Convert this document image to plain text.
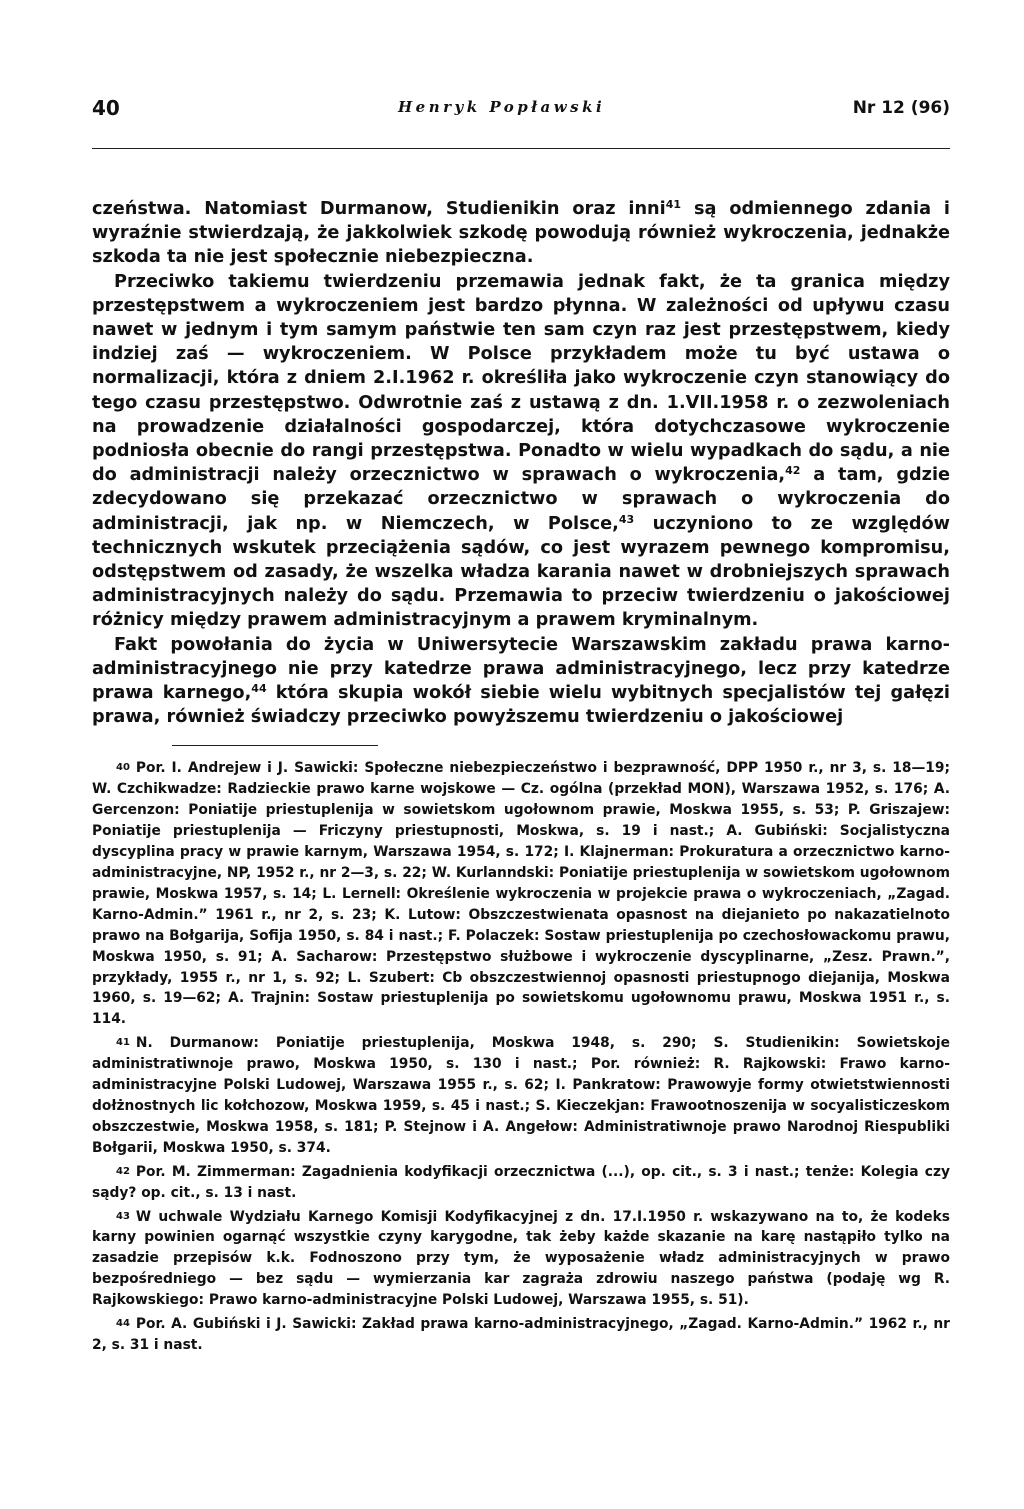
40	Henryk Popławski	Nr 12 (96)

czeństwa. Natomiast Durmanow, Studienikin oraz inni$^{41}$ są odmiennego zdania i wyraźnie stwierdzają, że jakkolwiek szkodę powodują również wykroczenia, jednakże szkoda ta nie jest społecznie niebezpieczna.

Przeciwko takiemu twierdzeniu przemawia jednak fakt, że ta granica między przestępstwem a wykroczeniem jest bardzo płynna. W zależności od upływu czasu nawet w jednym i tym samym państwie ten sam czyn raz jest przestępstwem, kiedy indziej zaś — wykroczeniem. W Polsce przykładem może tu być ustawa o normalizacji, która z dniem 2.I.1962 r. określiła jako wykroczenie czyn stanowiący do tego czasu przestępstwo. Odwrotnie zaś z ustawą z dn. 1.VII.1958 r. o zezwoleniach na prowadzenie działalności gospodarczej, która dotychczasowe wykroczenie podniosła obecnie do rangi przestępstwa. Ponadto w wielu wypadkach do sądu, a nie do administracji należy orzecznictwo w sprawach o wykroczenia,$^{42}$ a tam, gdzie zdecydowano się przekazać orzecznictwo w sprawach o wykroczenia do administracji, jak np. w Niemczech, w Polsce,$^{43}$ uczyniono to ze względów technicznych wskutek przeciążenia sądów, co jest wyrazem pewnego kompromisu, odstępstwem od zasady, że wszelka władza karania nawet w drobniejszych sprawach administracyjnych należy do sądu. Przemawia to przeciw twierdzeniu o jakościowej różnicy między prawem administracyjnym a prawem kryminalnym.

Fakt powołania do życia w Uniwersytecie Warszawskim zakładu prawa karno-administracyjnego nie przy katedrze prawa administracyjnego, lecz przy katedrze prawa karnego,$^{44}$ która skupia wokół siebie wielu wybitnych specjalistów tej gałęzi prawa, również świadczy przeciwko powyższemu twierdzeniu o jakościowej

40 Por. I. Andrejew i J. Sawicki: Społeczne niebezpieczeństwo i bezprawność, DPP 1950 r., nr 3, s. 18—19; W. Czchikwadze: Radzieckie prawo karne wojskowe — Cz. ogólna (przekład MON), Warszawa 1952, s. 176; A. Gercenzon: Poniatije priestuplenija w sowietskom ugołownom prawie, Moskwa 1955, s. 53; P. Griszajew: Poniatije priestuplenija — Friczyny priestupnosti, Moskwa, s. 19 i nast.; A. Gubiński: Socjalistyczna dyscyplina pracy w prawie karnym, Warszawa 1954, s. 172; I. Klajnerman: Prokuratura a orzecznictwo karno-administracyjne, NP, 1952 r., nr 2—3, s. 22; W. Kurlanndski: Poniatije priestuplenija w sowietskom ugołownom prawie, Moskwa 1957, s. 14; L. Lernell: Określenie wykroczenia w projekcie prawa o wykroczeniach, „Zagad. Karno-Admin.” 1961 r., nr 2, s. 23; K. Lutow: Obszczestwienata opasnost na diejanieto po nakazatielnoto prawo na Bołgarija, Sofija 1950, s. 84 i nast.; F. Polaczek: Sostaw priestuplenija po czechosłowackomu prawu, Moskwa 1950, s. 91; A. Sacharow: Przestępstwo służbowe i wykroczenie dyscyplinarne, „Zesz. Prawn.”, przykłady, 1955 r., nr 1, s. 92; L. Szubert: Cb obszczestwiennoj opasnosti priestupnogo diejanija, Moskwa 1960, s. 19—62; A. Trajnin: Sostaw priestuplenija po sowietskomu ugołownomu prawu, Moskwa 1951 r., s. 114.

41 N. Durmanow: Poniatije priestuplenija, Moskwa 1948, s. 290; S. Studienikin: Sowietskoje administratiwnoje prawo, Moskwa 1950, s. 130 i nast.; Por. również: R. Rajkowski: Frawo karno-administracyjne Polski Ludowej, Warszawa 1955 r., s. 62; I. Pankratow: Prawowyje formy otwietstwiennosti dołżnostnych lic kołchozow, Moskwa 1959, s. 45 i nast.; S. Kieczekjan: Frawootnoszenija w socyalisticzeskom obszczestwie, Moskwa 1958, s. 181; P. Stejnow i A. Angełow: Administratiwnoje prawo Narodnoj Riespubliki Bołgarii, Moskwa 1950, s. 374.

42 Por. M. Zimmerman: Zagadnienia kodyfikacji orzecznictwa (...), op. cit., s. 3 i nast.; tenże: Kolegia czy sądy? op. cit., s. 13 i nast.

43 W uchwale Wydziału Karnego Komisji Kodyfikacyjnej z dn. 17.I.1950 r. wskazywano na to, że kodeks karny powinien ogarnąć wszystkie czyny karygodne, tak żeby każde skazanie na karę nastąpiło tylko na zasadzie przepisów k.k. Fodnoszono przy tym, że wyposażenie władz administracyjnych w prawo bezpośredniego — bez sądu — wymierzania kar zagraża zdrowiu naszego państwa (podaję wg R. Rajkowskiego: Prawo karno-administracyjne Polski Ludowej, Warszawa 1955, s. 51).

44 Por. A. Gubiński i J. Sawicki: Zakład prawa karno-administracyjnego, „Zagad. Karno-Admin.” 1962 r., nr 2, s. 31 i nast.
